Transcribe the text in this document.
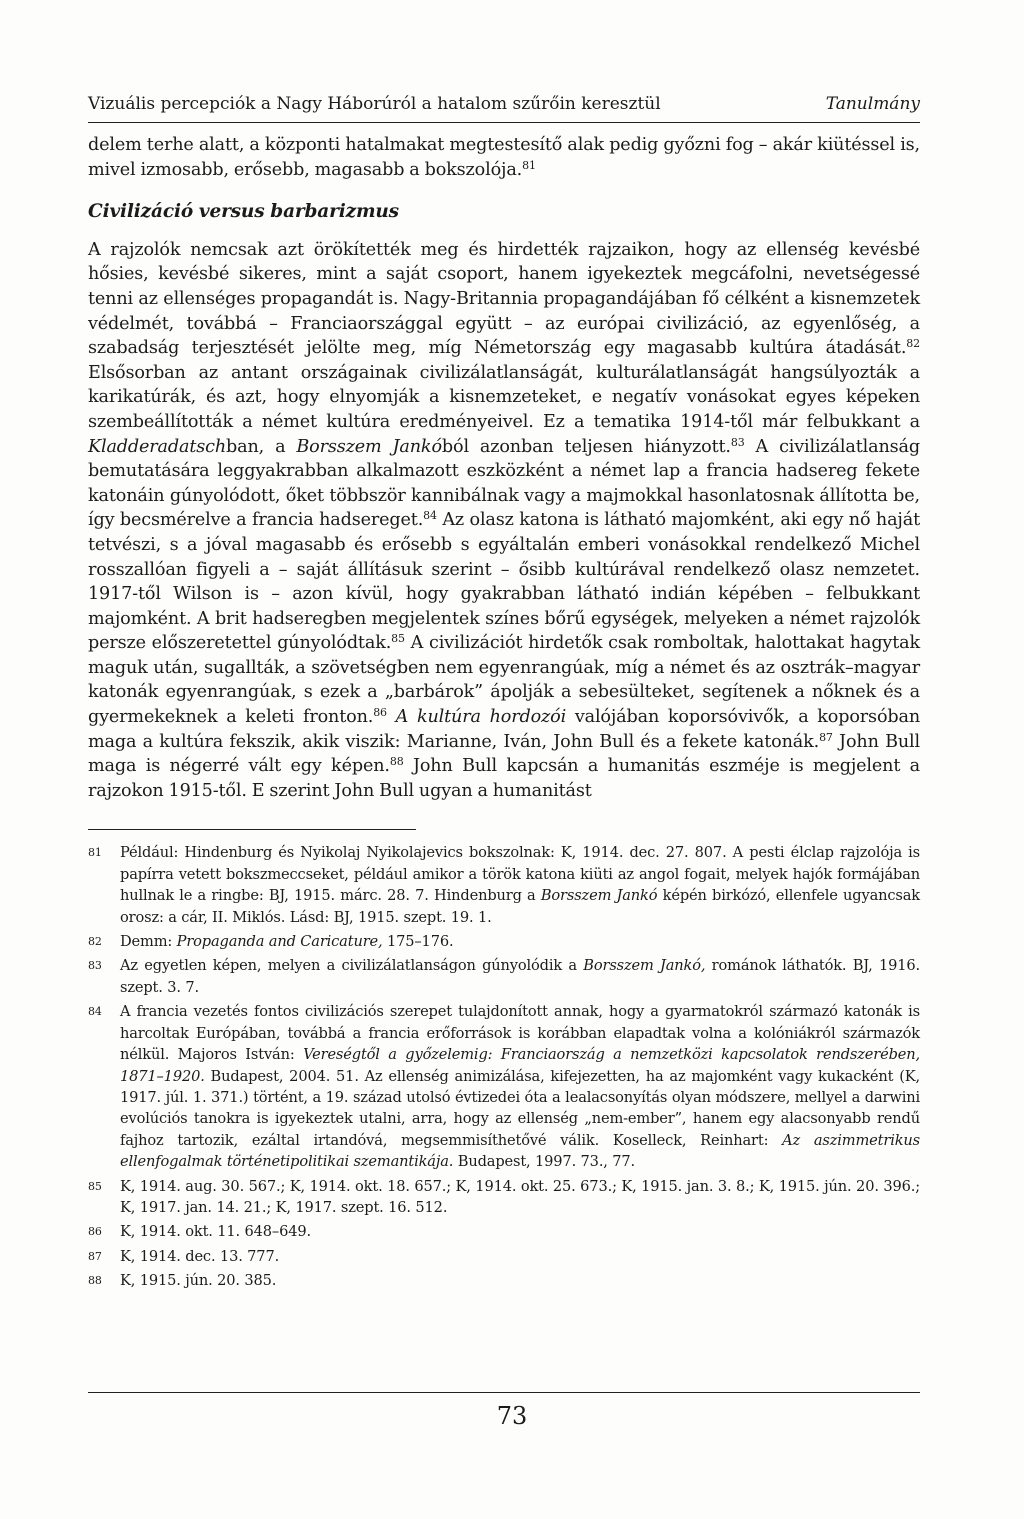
Vizuális percepciók a Nagy Háborúról a hatalom szűrőin keresztül	Tanulmány

delem terhe alatt, a központi hatalmakat megtestesítő alak pedig győzni fog – akár kiütéssel is, mivel izmosabb, erősebb, magasabb a bokszolója.$^{81}$

Civilizáció versus barbarizmus

A rajzolók nemcsak azt örökítették meg és hirdették rajzaikon, hogy az ellenség kevésbé hősies, kevésbé sikeres, mint a saját csoport, hanem igyekeztek megcáfolni, nevetségessé tenni az ellenséges propagandát is. Nagy-Britannia propagandájában fő célként a kisnemzetek védelmét, továbbá – Franciaországgal együtt – az európai civilizáció, az egyenlőség, a szabadság terjesztését jelölte meg, míg Németország egy magasabb kultúra átadását.$^{82}$ Elsősorban az antant országainak civilizálatlanságát, kulturálatlanságát hangsúlyozták a karikatúrák, és azt, hogy elnyomják a kisnemzeteket, e negatív vonásokat egyes képeken szembeállították a német kultúra eredményeivel. Ez a tematika 1914-től már felbukkant a Kladderadatschban, a Borsszem Jankóból azonban teljesen hiányzott.$^{83}$ A civilizálatlanság bemutatására leggyakrabban alkalmazott eszközként a német lap a francia hadsereg fekete katonáin gúnyolódott, őket többször kannibálnak vagy a majmokkal hasonlatosnak állította be, így becsmérelve a francia hadsereget.$^{84}$ Az olasz katona is látható majomként, aki egy nő haját tetvészi, s a jóval magasabb és erősebb s egyáltalán emberi vonásokkal rendelkező Michel rosszallóan figyeli a – saját állításuk szerint – ősibb kultúrával rendelkező olasz nemzetet. 1917-től Wilson is – azon kívül, hogy gyakrabban látható indián képében – felbukkant majomként. A brit hadseregben megjelentek színes bőrű egységek, melyeken a német rajzolók persze előszeretettel gúnyolódtak.$^{85}$ A civilizációt hirdetők csak romboltak, halottakat hagytak maguk után, sugallták, a szövetségben nem egyenrangúak, míg a német és az osztrák–magyar katonák egyenrangúak, s ezek a „barbárok” ápolják a sebesülteket, segítenek a nőknek és a gyermekeknek a keleti fronton.$^{86}$ A kultúra hordozói valójában koporsóvivők, a koporsóban maga a kultúra fekszik, akik viszik: Marianne, Iván, John Bull és a fekete katonák.$^{87}$ John Bull maga is négerré vált egy képen.$^{88}$ John Bull kapcsán a humanitás eszméje is megjelent a rajzokon 1915-től. E szerint John Bull ugyan a humanitást

81	Például: Hindenburg és Nyikolaj Nyikolajevics bokszolnak: K, 1914. dec. 27. 807. A pesti élclap rajzolója is papírra vetett bokszmeccseket, például amikor a török katona kiüti az angol fogait, melyek hajók formájában hullnak le a ringbe: BJ, 1915. márc. 28. 7. Hindenburg a Borsszem Jankó képén birkózó, ellenfele ugyancsak orosz: a cár, II. Miklós. Lásd: BJ, 1915. szept. 19. 1.
82	Demm: Propaganda and Caricature, 175–176.
83	Az egyetlen képen, melyen a civilizálatlanságon gúnyolódik a Borsszem Jankó, románok láthatók. BJ, 1916. szept. 3. 7.
84	A francia vezetés fontos civilizációs szerepet tulajdonított annak, hogy a gyarmatokról származó katonák is harcoltak Európában, továbbá a francia erőforrások is korábban elapadtak volna a kolóniákról származók nélkül. Majoros István: Vereségtől a győzelemig: Franciaország a nemzetközi kapcsolatok rendszerében, 1871–1920. Budapest, 2004. 51. Az ellenség animizálása, kifejezetten, ha az majomként vagy kukacként (K, 1917. júl. 1. 371.) történt, a 19. század utolsó évtizedei óta a lealacsonyítás olyan módszere, mellyel a darwini evolúciós tanokra is igyekeztek utalni, arra, hogy az ellenség „nem-ember”, hanem egy alacsonyabb rendű fajhoz tartozik, ezáltal irtandóvá, megsemmisíthetővé válik. Koselleck, Reinhart: Az aszimmetrikus ellenfogalmak történetipolitikai szemantikája. Budapest, 1997. 73., 77.
85	K, 1914. aug. 30. 567.; K, 1914. okt. 18. 657.; K, 1914. okt. 25. 673.; K, 1915. jan. 3. 8.; K, 1915. jún. 20. 396.; K, 1917. jan. 14. 21.; K, 1917. szept. 16. 512.
86	K, 1914. okt. 11. 648–649.
87	K, 1914. dec. 13. 777.
88	K, 1915. jún. 20. 385.
73
